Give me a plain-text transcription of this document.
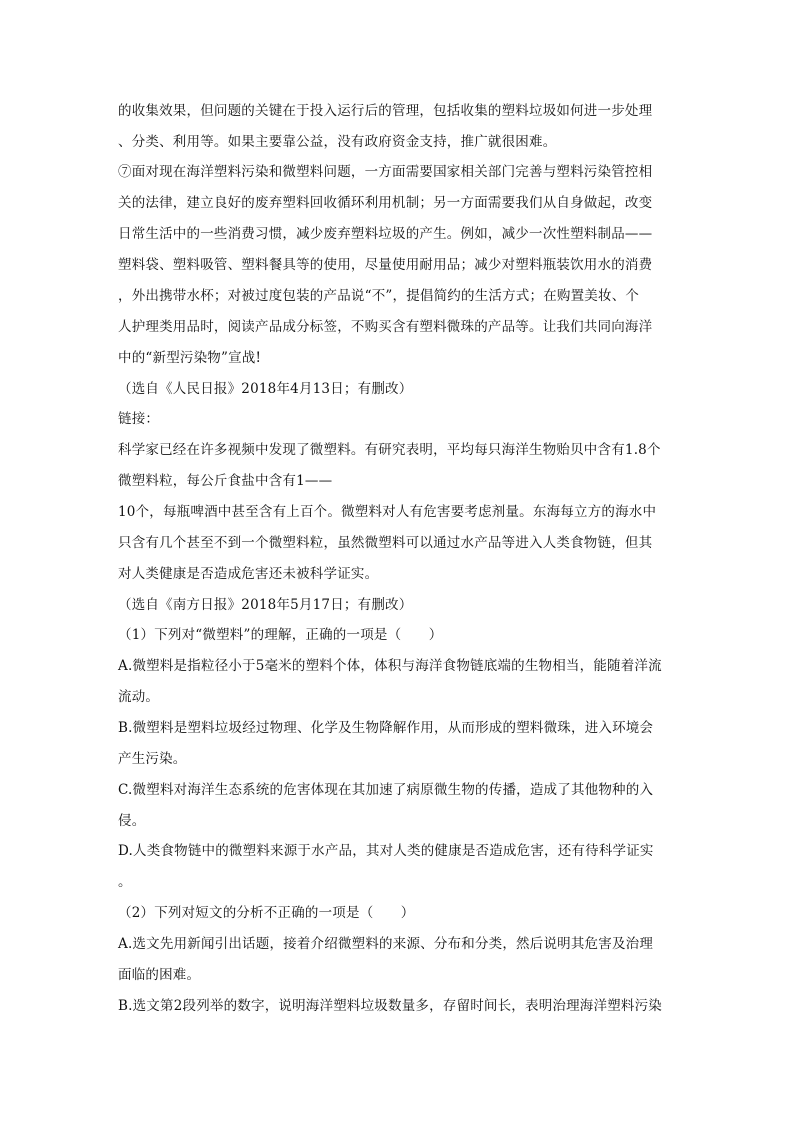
的收集效果，但问题的关键在于投入运行后的管理，包括收集的塑料垃圾如何进一步处理
、分类、利用等。如果主要靠公益，没有政府资金支持，推广就很困难。
⑦面对现在海洋塑料污染和微塑料问题，一方面需要国家相关部门完善与塑料污染管控相
关的法律，建立良好的废弃塑料回收循环利用机制；另一方面需要我们从自身做起，改变
日常生活中的一些消费习惯，减少废弃塑料垃圾的产生。例如，减少一次性塑料制品——
塑料袋、塑料吸管、塑料餐具等的使用，尽量使用耐用品；减少对塑料瓶装饮用水的消费
，外出携带水杯；对被过度包装的产品说“不”，提倡简约的生活方式；在购置美妆、个
人护理类用品时，阅读产品成分标签，不购买含有塑料微珠的产品等。让我们共同向海洋
中的“新型污染物”宣战!
（选自《人民日报》2018年4月13日；有删改）
链接：
科学家已经在许多视频中发现了微塑料。有研究表明，平均每只海洋生物贻贝中含有1.8个
微塑料粒，每公斤食盐中含有1——
10个，每瓶啤酒中甚至含有上百个。微塑料对人有危害要考虑剂量。东海每立方的海水中
只含有几个甚至不到一个微塑料粒，虽然微塑料可以通过水产品等进入人类食物链，但其
对人类健康是否造成危害还未被科学证实。
（选自《南方日报》2018年5月17日；有删改）
（1）下列对“微塑料”的理解，正确的一项是（　　）
A.微塑料是指粒径小于5毫米的塑料个体，体积与海洋食物链底端的生物相当，能随着洋流
流动。
B.微塑料是塑料垃圾经过物理、化学及生物降解作用，从而形成的塑料微珠，进入环境会
产生污染。
C.微塑料对海洋生态系统的危害体现在其加速了病原微生物的传播，造成了其他物种的入
侵。
D.人类食物链中的微塑料来源于水产品，其对人类的健康是否造成危害，还有待科学证实
。
（2）下列对短文的分析不正确的一项是（　　）
A.选文先用新闻引出话题，接着介绍微塑料的来源、分布和分类，然后说明其危害及治理
面临的困难。
B.选文第2段列举的数字，说明海洋塑料垃圾数量多，存留时间长，表明治理海洋塑料污染
